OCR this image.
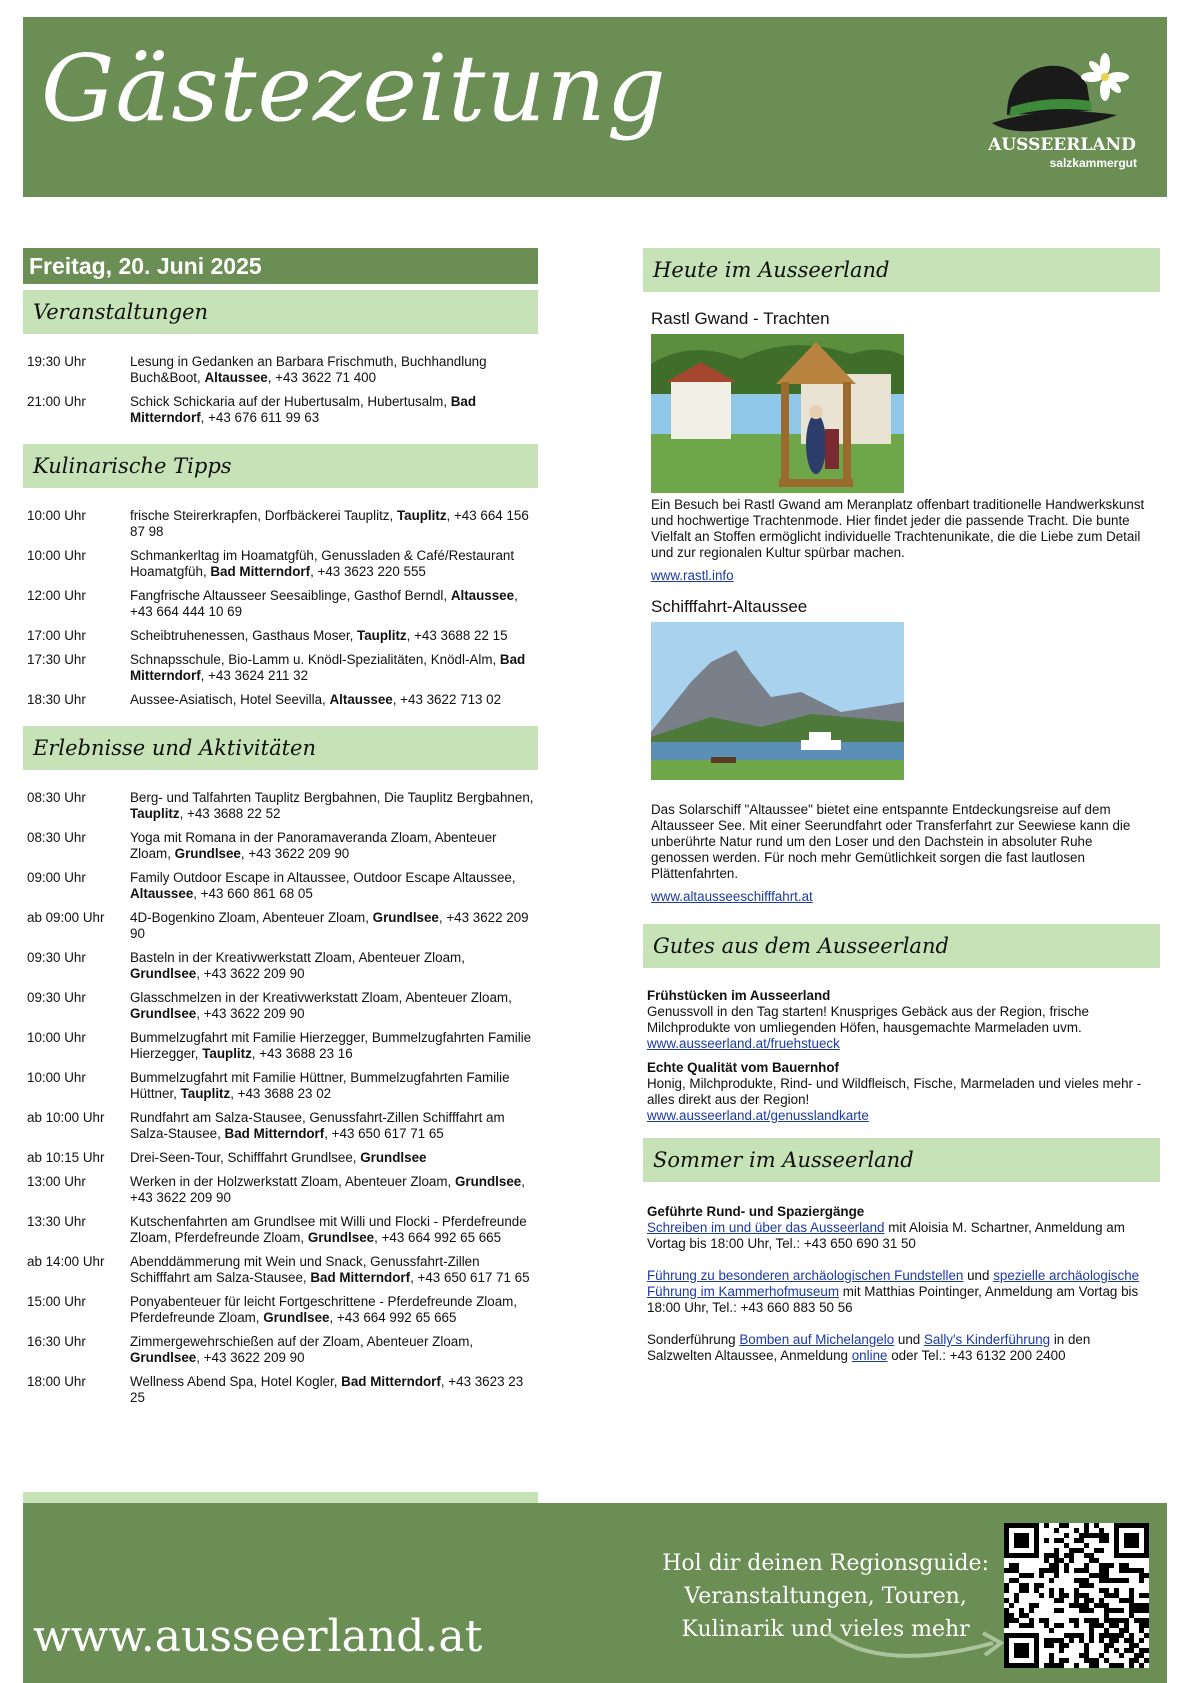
Gästezeitung
AUSSEERLAND
salzkammergut
Freitag, 20. Juni 2025
Veranstaltungen
19:30 Uhr	Lesung in Gedanken an Barbara Frischmuth, Buchhandlung Buch&Boot, Altaussee, +43 3622 71 400
21:00 Uhr	Schick Schickaria auf der Hubertusalm, Hubertusalm, Bad Mitterndorf, +43 676 611 99 63
Kulinarische Tipps
10:00 Uhr	frische Steirerkrapfen, Dorfbäckerei Tauplitz, Tauplitz, +43 664 156 87 98
10:00 Uhr	Schmankerltag im Hoamatgfüh, Genussladen & Café/Restaurant Hoamatgfüh, Bad Mitterndorf, +43 3623 220 555
12:00 Uhr	Fangfrische Altausseer Seesaiblinge, Gasthof Berndl, Altaussee, +43 664 444 10 69
17:00 Uhr	Scheibtruhenessen, Gasthaus Moser, Tauplitz, +43 3688 22 15
17:30 Uhr	Schnapsschule, Bio-Lamm u. Knödl-Spezialitäten, Knödl-Alm, Bad Mitterndorf, +43 3624 211 32
18:30 Uhr	Aussee-Asiatisch, Hotel Seevilla, Altaussee, +43 3622 713 02
Erlebnisse und Aktivitäten
08:30 Uhr	Berg- und Talfahrten Tauplitz Bergbahnen, Die Tauplitz Bergbahnen, Tauplitz, +43 3688 22 52
08:30 Uhr	Yoga mit Romana in der Panoramaveranda Zloam, Abenteuer Zloam, Grundlsee, +43 3622 209 90
09:00 Uhr	Family Outdoor Escape in Altaussee, Outdoor Escape Altaussee, Altaussee, +43 660 861 68 05
ab 09:00 Uhr	4D-Bogenkino Zloam, Abenteuer Zloam, Grundlsee, +43 3622 209 90
09:30 Uhr	Basteln in der Kreativwerkstatt Zloam, Abenteuer Zloam, Grundlsee, +43 3622 209 90
09:30 Uhr	Glasschmelzen in der Kreativwerkstatt Zloam, Abenteuer Zloam, Grundlsee, +43 3622 209 90
10:00 Uhr	Bummelzugfahrt mit Familie Hierzegger, Bummelzugfahrten Familie Hierzegger, Tauplitz, +43 3688 23 16
10:00 Uhr	Bummelzugfahrt mit Familie Hüttner, Bummelzugfahrten Familie Hüttner, Tauplitz, +43 3688 23 02
ab 10:00 Uhr	Rundfahrt am Salza-Stausee, Genussfahrt-Zillen Schifffahrt am Salza-Stausee, Bad Mitterndorf, +43 650 617 71 65
ab 10:15 Uhr	Drei-Seen-Tour, Schifffahrt Grundlsee, Grundlsee
13:00 Uhr	Werken in der Holzwerkstatt Zloam, Abenteuer Zloam, Grundlsee, +43 3622 209 90
13:30 Uhr	Kutschenfahrten am Grundlsee mit Willi und Flocki - Pferdefreunde Zloam, Pferdefreunde Zloam, Grundlsee, +43 664 992 65 665
ab 14:00 Uhr	Abenddämmerung mit Wein und Snack, Genussfahrt-Zillen Schifffahrt am Salza-Stausee, Bad Mitterndorf, +43 650 617 71 65
15:00 Uhr	Ponyabenteuer für leicht Fortgeschrittene - Pferdefreunde Zloam, Pferdefreunde Zloam, Grundlsee, +43 664 992 65 665
16:30 Uhr	Zimmergewehrschießen auf der Zloam, Abenteuer Zloam, Grundlsee, +43 3622 209 90
18:00 Uhr	Wellness Abend Spa, Hotel Kogler, Bad Mitterndorf, +43 3623 23 25
Heute im Ausseerland
Rastl Gwand - Trachten
Ein Besuch bei Rastl Gwand am Meranplatz offenbart traditionelle Handwerkskunst und hochwertige Trachtenmode. Hier findet jeder die passende Tracht. Die bunte Vielfalt an Stoffen ermöglicht individuelle Trachtenunikate, die die Liebe zum Detail und zur regionalen Kultur spürbar machen.
www.rastl.info
Schifffahrt-Altaussee
Das Solarschiff "Altaussee" bietet eine entspannte Entdeckungsreise auf dem Altausseer See. Mit einer Seerundfahrt oder Transferfahrt zur Seewiese kann die unberührte Natur rund um den Loser und den Dachstein in absoluter Ruhe genossen werden. Für noch mehr Gemütlichkeit sorgen die fast lautlosen Plättenfahrten.
www.altausseeschifffahrt.at
Gutes aus dem Ausseerland
Frühstücken im Ausseerland
Genussvoll in den Tag starten! Knuspriges Gebäck aus der Region, frische Milchprodukte von umliegenden Höfen, hausgemachte Marmeladen uvm.
www.ausseerland.at/fruehstueck
Echte Qualität vom Bauernhof
Honig, Milchprodukte, Rind- und Wildfleisch, Fische, Marmeladen und vieles mehr - alles direkt aus der Region!
www.ausseerland.at/genusslandkarte
Sommer im Ausseerland
Geführte Rund- und Spaziergänge
Schreiben im und über das Ausseerland mit Aloisia M. Schartner, Anmeldung am Vortag bis 18:00 Uhr, Tel.: +43 650 690 31 50
Führung zu besonderen archäologischen Fundstellen und spezielle archäologische Führung im Kammerhofmuseum mit Matthias Pointinger, Anmeldung am Vortag bis 18:00 Uhr, Tel.: +43 660 883 50 56
Sonderführung Bomben auf Michelangelo und Sally's Kinderführung in den Salzwelten Altaussee, Anmeldung online oder Tel.: +43 6132 200 2400
www.ausseerland.at
Hol dir deinen Regionsguide:
Veranstaltungen, Touren,
Kulinarik und vieles mehr
